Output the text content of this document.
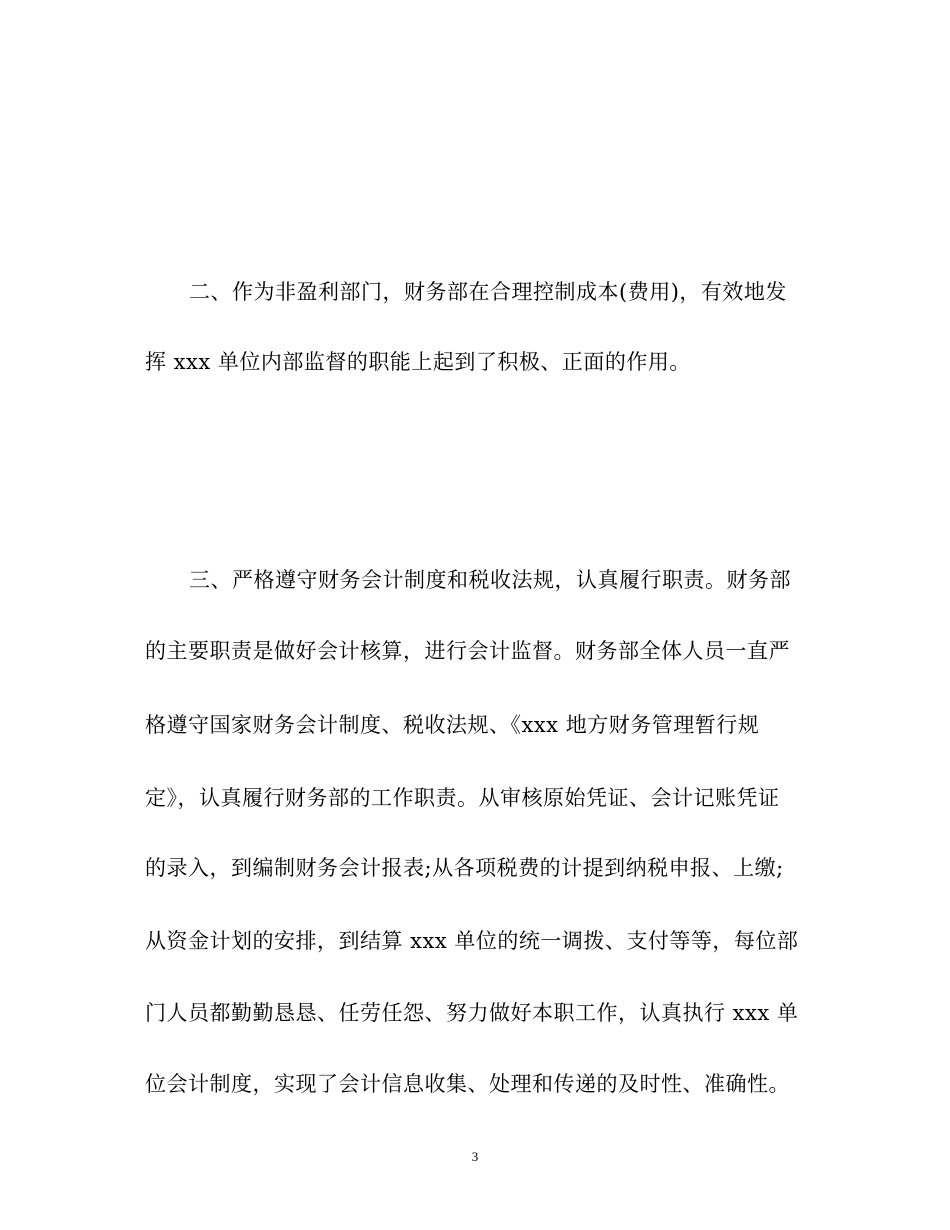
二、作为非盈利部门，财务部在合理控制成本(费用)，有效地发
挥 xxx 单位内部监督的职能上起到了积极、正面的作用。
三、严格遵守财务会计制度和税收法规，认真履行职责。财务部
的主要职责是做好会计核算，进行会计监督。财务部全体人员一直严
格遵守国家财务会计制度、税收法规、《xxx 地方财务管理暂行规
定》，认真履行财务部的工作职责。从审核原始凭证、会计记账凭证
的录入，到编制财务会计报表;从各项税费的计提到纳税申报、上缴;
从资金计划的安排，到结算 xxx 单位的统一调拨、支付等等，每位部
门人员都勤勤恳恳、任劳任怨、努力做好本职工作，认真执行 xxx 单
位会计制度，实现了会计信息收集、处理和传递的及时性、准确性。
3
